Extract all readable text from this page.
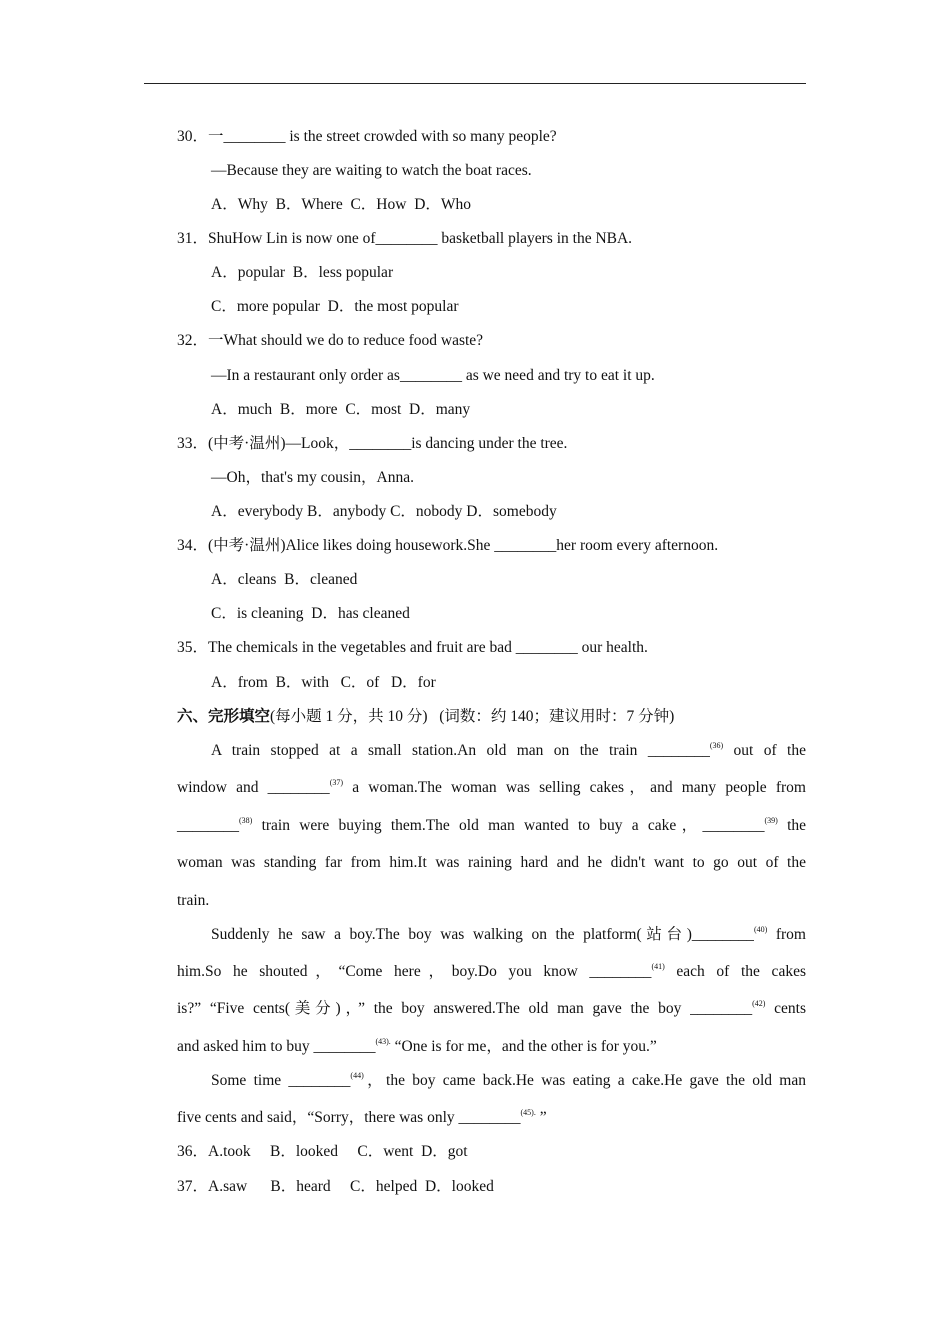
30．一________ is the street crowded with so many people?
—Because they are waiting to watch the boat races.
A．Why  B．Where  C．How  D．Who
31．ShuHow Lin is now one of________ basketball players in the NBA.
A．popular  B．less popular
C．more popular  D．the most popular
32．一What should we do to reduce food waste?
—In a restaurant only order as________ as we need and try to eat it up.
A．much  B．more  C．most  D．many
33．(中考·温州)—Look，________is dancing under the tree.
—Oh，that's my cousin，Anna.
A．everybody B．anybody C．nobody D．somebody
34．(中考·温州)Alice likes doing housework.She ________her room every afternoon.
A．cleans  B．cleaned
C．is cleaning  D．has cleaned
35．The chemicals in the vegetables and fruit are bad ________ our health.
A．from  B．with   C．of   D．for
六、完形填空(每小题 1 分，共 10 分) (词数：约 140；建议用时：7 分钟)
A train stopped at a small station.An old man on the train ________$^{(36)}$ out of the
window and ________$^{(37)}$ a woman.The woman was selling cakes，and many people from
________$^{(38)}$ train were buying them.The old man wanted to buy a cake，________$^{(39)}$ the
woman was standing far from him.It was raining hard and he didn't want to go out of the
train.
Suddenly he saw a boy.The boy was walking on the platform(站台)________$^{(40)}$ from
him.So he shouted，“Come here，boy.Do you know ________$^{(41)}$ each of the cakes
is?” “Five cents(美分)，” the boy answered.The old man gave the boy ________$^{(42)}$ cents
and asked him to buy ________$^{(43).}$ “One is for me，and the other is for you.”
Some time ________$^{(44)}$，the boy came back.He was eating a cake.He gave the old man
five cents and said，“Sorry，there was only ________$^{(45).}$ ”
36．A.took     B．looked     C．went  D．got
37．A.saw      B．heard     C．helped  D．looked
